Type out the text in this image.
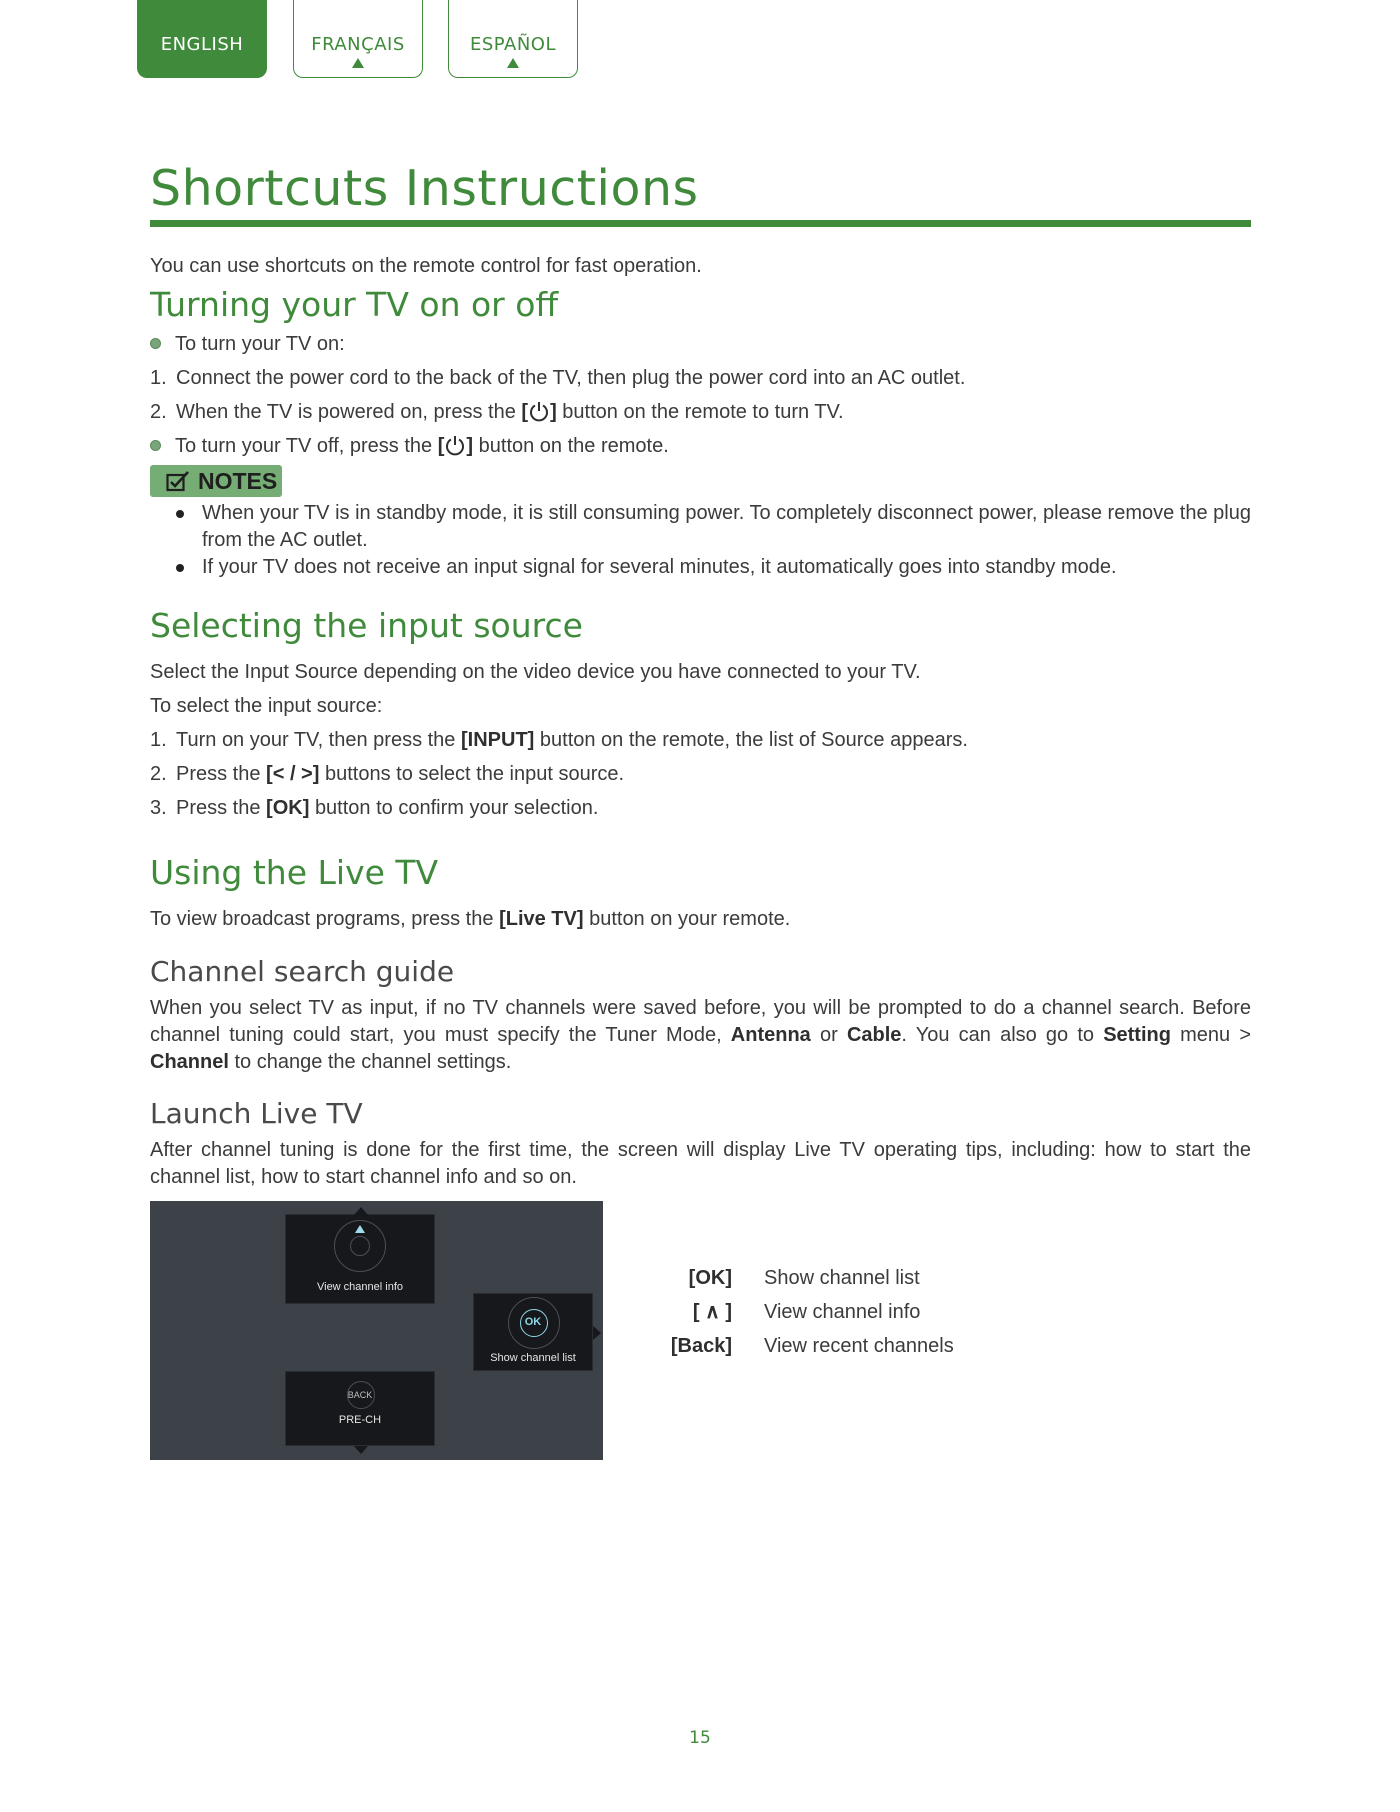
ENGLISH	FRANÇAIS	ESPAÑOL
Shortcuts Instructions
You can use shortcuts on the remote control for fast operation.
Turning your TV on or off
To turn your TV on:
1. Connect the power cord to the back of the TV, then plug the power cord into an AC outlet.
2. When the TV is powered on, press the [ ] button on the remote to turn TV.
To turn your TV off, press the [ ] button on the remote.
NOTES
When your TV is in standby mode, it is still consuming power. To completely disconnect power, please remove the plug from the AC outlet.
If your TV does not receive an input signal for several minutes, it automatically goes into standby mode.
Selecting the input source
Select the Input Source depending on the video device you have connected to your TV.
To select the input source:
1. Turn on your TV, then press the [INPUT] button on the remote, the list of Source appears.
2. Press the [< / >] buttons to select the input source.
3. Press the [OK] button to confirm your selection.
Using the Live TV
To view broadcast programs, press the [Live TV] button on your remote.
Channel search guide
When you select TV as input, if no TV channels were saved before, you will be prompted to do a channel search. Before channel tuning could start, you must specify the Tuner Mode, Antenna or Cable. You can also go to Setting menu > Channel to change the channel settings.
Launch Live TV
After channel tuning is done for the first time, the screen will display Live TV operating tips, including: how to start the channel list, how to start channel info and so on.
View channel info
OK
Show channel list
BACK
PRE-CH
[OK] Show channel list
[ ∧ ] View channel info
[Back] View recent channels
15
